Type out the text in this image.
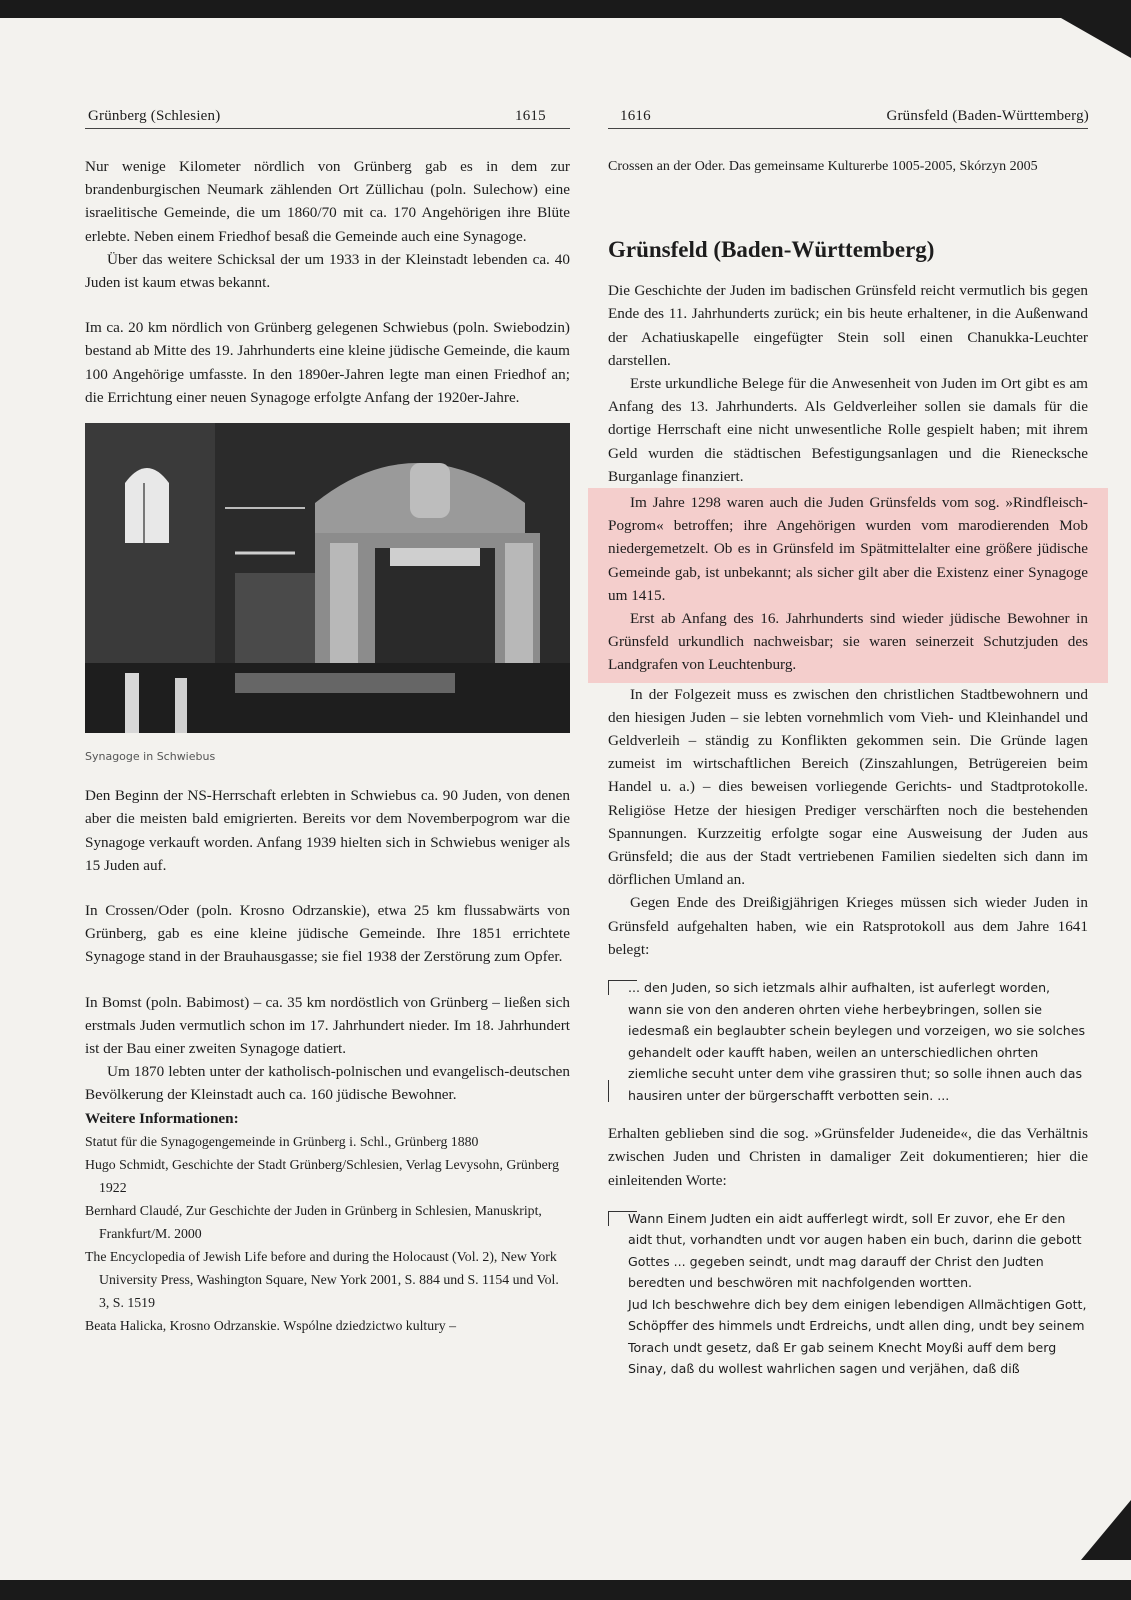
Grünberg (Schlesien)	1615	1616	Grünsfeld (Baden-Württemberg)

Nur wenige Kilometer nördlich von Grünberg gab es in dem zur brandenburgischen Neumark zählenden Ort Züllichau (poln. Sulechow) eine israelitische Gemeinde, die um 1860/70 mit ca. 170 Angehörigen ihre Blüte erlebte. Neben einem Friedhof besaß die Gemeinde auch eine Synagoge.

Über das weitere Schicksal der um 1933 in der Kleinstadt lebenden ca. 40 Juden ist kaum etwas bekannt.

Im ca. 20 km nördlich von Grünberg gelegenen Schwiebus (poln. Swiebodzin) bestand ab Mitte des 19. Jahrhunderts eine kleine jüdische Gemeinde, die kaum 100 Angehörige umfasste. In den 1890er-Jahren legte man einen Friedhof an; die Errichtung einer neuen Synagoge erfolgte Anfang der 1920er-Jahre.

Synagoge in Schwiebus

Den Beginn der NS-Herrschaft erlebten in Schwiebus ca. 90 Juden, von denen aber die meisten bald emigrierten. Bereits vor dem Novemberpogrom war die Synagoge verkauft worden. Anfang 1939 hielten sich in Schwiebus weniger als 15 Juden auf.

In Crossen/Oder (poln. Krosno Odrzanskie), etwa 25 km flussabwärts von Grünberg, gab es eine kleine jüdische Gemeinde. Ihre 1851 errichtete Synagoge stand in der Brauhausgasse; sie fiel 1938 der Zerstörung zum Opfer.

In Bomst (poln. Babimost) – ca. 35 km nordöstlich von Grünberg – ließen sich erstmals Juden vermutlich schon im 17. Jahrhundert nieder. Im 18. Jahrhundert ist der Bau einer zweiten Synagoge datiert.

Um 1870 lebten unter der katholisch-polnischen und evangelisch-deutschen Bevölkerung der Kleinstadt auch ca. 160 jüdische Bewohner.

Weitere Informationen:

Statut für die Synagogengemeinde in Grünberg i. Schl., Grünberg 1880

Hugo Schmidt, Geschichte der Stadt Grünberg/Schlesien, Verlag Levysohn, Grünberg 1922

Bernhard Claudé, Zur Geschichte der Juden in Grünberg in Schlesien, Manuskript, Frankfurt/M. 2000

The Encyclopedia of Jewish Life before and during the Holocaust (Vol. 2), New York University Press, Washington Square, New York 2001, S. 884 und S. 1154 und Vol. 3, S. 1519

Beata Halicka, Krosno Odrzanskie. Wspólne dziedzictwo kultury –

Crossen an der Oder. Das gemeinsame Kulturerbe 1005-2005, Skórzyn 2005

Grünsfeld (Baden-Württemberg)

Die Geschichte der Juden im badischen Grünsfeld reicht vermutlich bis gegen Ende des 11. Jahrhunderts zurück; ein bis heute erhaltener, in die Außenwand der Achatiuskapelle eingefügter Stein soll einen Chanukka-Leuchter darstellen.

Erste urkundliche Belege für die Anwesenheit von Juden im Ort gibt es am Anfang des 13. Jahrhunderts. Als Geldverleiher sollen sie damals für die dortige Herrschaft eine nicht unwesentliche Rolle gespielt haben; mit ihrem Geld wurden die städtischen Befestigungsanlagen und die Rienecksche Burganlage finanziert.

Im Jahre 1298 waren auch die Juden Grünsfelds vom sog. »Rindfleisch-Pogrom« betroffen; ihre Angehörigen wurden vom marodierenden Mob niedergemetzelt. Ob es in Grünsfeld im Spätmittelalter eine größere jüdische Gemeinde gab, ist unbekannt; als sicher gilt aber die Existenz einer Synagoge um 1415.

Erst ab Anfang des 16. Jahrhunderts sind wieder jüdische Bewohner in Grünsfeld urkundlich nachweisbar; sie waren seinerzeit Schutzjuden des Landgrafen von Leuchtenburg.

In der Folgezeit muss es zwischen den christlichen Stadtbewohnern und den hiesigen Juden – sie lebten vornehmlich vom Vieh- und Kleinhandel und Geldverleih – ständig zu Konflikten gekommen sein. Die Gründe lagen zumeist im wirtschaftlichen Bereich (Zinszahlungen, Betrügereien beim Handel u. a.) – dies beweisen vorliegende Gerichts- und Stadtprotokolle. Religiöse Hetze der hiesigen Prediger verschärften noch die bestehenden Spannungen. Kurzzeitig erfolgte sogar eine Ausweisung der Juden aus Grünsfeld; die aus der Stadt vertriebenen Familien siedelten sich dann im dörflichen Umland an.

Gegen Ende des Dreißigjährigen Krieges müssen sich wieder Juden in Grünsfeld aufgehalten haben, wie ein Ratsprotokoll aus dem Jahre 1641 belegt:

... den Juden, so sich ietzmals alhir aufhalten, ist auferlegt worden, wann sie von den anderen ohrten viehe herbeybringen, sollen sie iedesmaß ein beglaubter schein beylegen und vorzeigen, wo sie solches gehandelt oder kaufft haben, weilen an unterschiedlichen ohrten ziemliche secuht unter dem vihe grassiren thut; so solle ihnen auch das hausiren unter der bürgerschafft verbotten sein. ...

Erhalten geblieben sind die sog. »Grünsfelder Judeneide«, die das Verhältnis zwischen Juden und Christen in damaliger Zeit dokumentieren; hier die einleitenden Worte:

Wann Einem Judten ein aidt aufferlegt wirdt, soll Er zuvor, ehe Er den aidt thut, vorhandten undt vor augen haben ein buch, darinn die gebott Gottes ... gegeben seindt, undt mag darauff der Christ den Judten beredten und beschwören mit nachfolgenden wortten.

Jud Ich beschwehre dich bey dem einigen lebendigen Allmächtigen Gott, Schöpffer des himmels undt Erdreichs, undt allen ding, undt bey seinem Torach undt gesetz, daß Er gab seinem Knecht Moyßi auff dem berg Sinay, daß du wollest wahrlichen sagen und verjähen, daß diß
